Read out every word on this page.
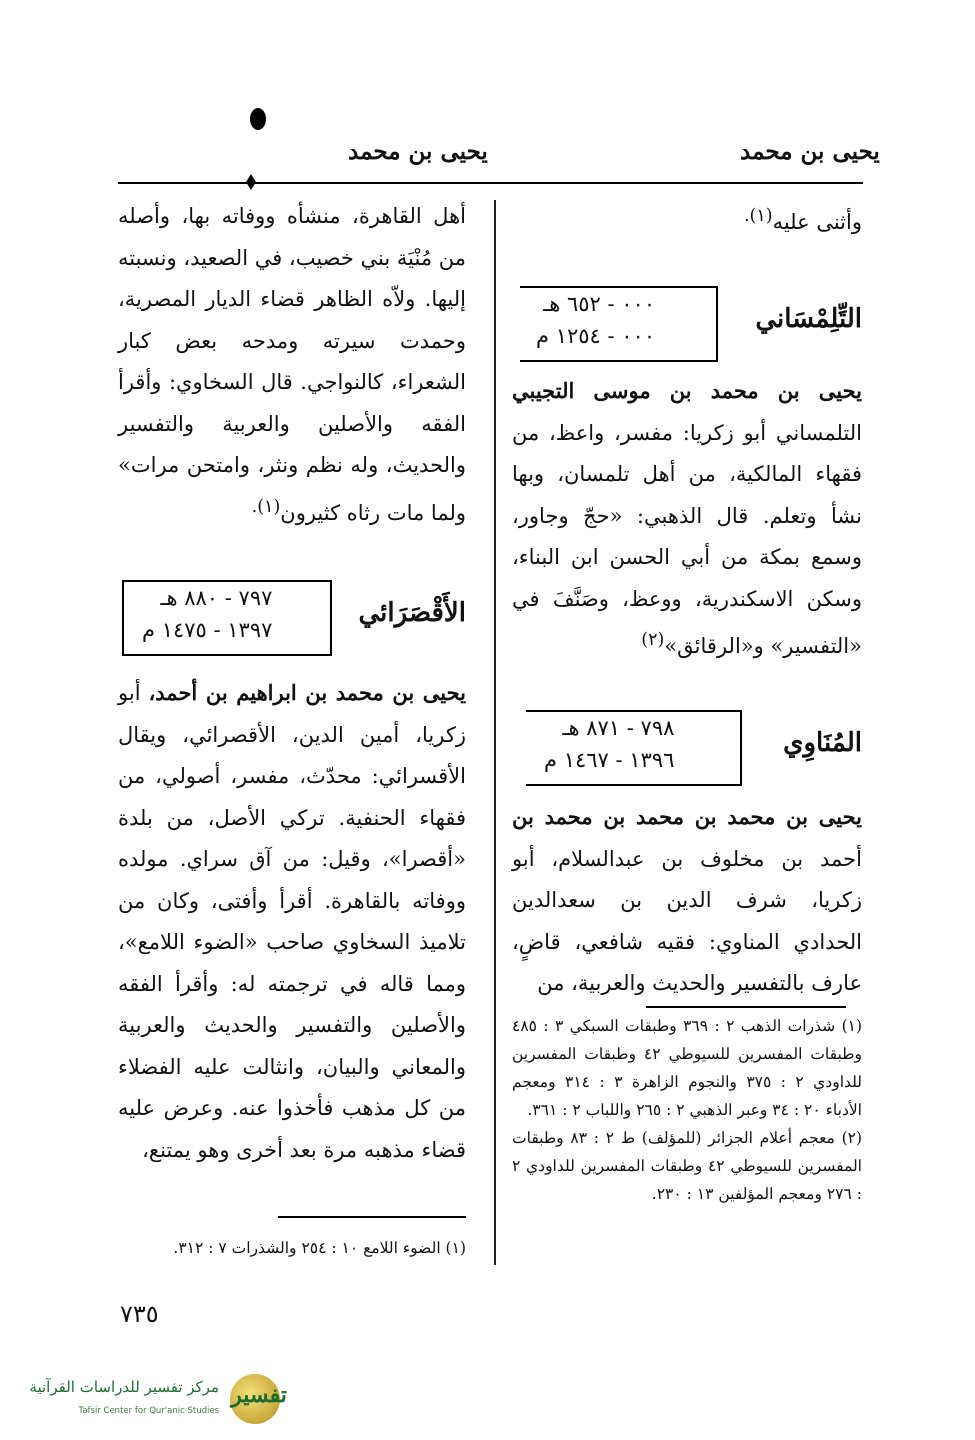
يحيى بن محمد
يحيى بن محمد

وأثنى عليه$^{(١).}$

التِّلِمْسَاني
٠٠٠ - ٦٥٢ هـ
٠٠٠ - ١٢٥٤ م

يحيى بن محمد بن موسى التجيبي التلمساني أبو زكريا: مفسر، واعظ، من فقهاء المالكية، من أهل تلمسان، وبها نشأ وتعلم. قال الذهبي: «حجّ وجاور، وسمع بمكة من أبي الحسن ابن البناء، وسكن الاسكندرية، ووعظ، وصَنَّفَ في «التفسير» و«الرقائق»$^{(٢)}$

المُنَاوِي
٧٩٨ - ٨٧١ هـ
١٣٩٦ - ١٤٦٧ م

يحيى بن محمد بن محمد بن محمد بن أحمد بن مخلوف بن عبدالسلام، أبو زكريا، شرف الدين بن سعدالدين الحدادي المناوي: فقيه شافعي، قاضٍ، عارف بالتفسير والحديث والعربية، من

(١) شذرات الذهب ٢ : ٣٦٩ وطبقات السبكي ٣ : ٤٨٥ وطبقات المفسرين للسيوطي ٤٢ وطبقات المفسرين للداودي ٢ : ٣٧٥ والنجوم الزاهرة ٣ : ٣١٤ ومعجم الأدباء ٢٠ : ٣٤ وعبر الذهبي ٢ : ٢٦٥ واللباب ٢ : ٣٦١.

(٢) معجم أعلام الجزائر (للمؤلف) ط ٢ : ٨٣ وطبقات المفسرين للسيوطي ٤٢ وطبقات المفسرين للداودي ٢ : ٢٧٦ ومعجم المؤلفين ١٣ : ٢٣٠.

أهل القاهرة، منشأه ووفاته بها، وأصله من مُنْيَة بني خصيب، في الصعيد، ونسبته إليها. ولاّه الظاهر قضاء الديار المصرية، وحمدت سيرته ومدحه بعض كبار الشعراء، كالنواجي. قال السخاوي: وأقرأ الفقه والأصلين والعربية والتفسير والحديث، وله نظم ونثر، وامتحن مرات» ولما مات رثاه كثيرون$^{(١).}$

الأَقْصَرَائي
٧٩٧ - ٨٨٠ هـ
١٣٩٧ - ١٤٧٥ م

يحيى بن محمد بن ابراهيم بن أحمد، أبو زكريا، أمين الدين، الأقصرائي، ويقال الأقسرائي: محدّث، مفسر، أصولي، من فقهاء الحنفية. تركي الأصل، من بلدة «أقصرا»، وقيل: من آق سراي. مولده ووفاته بالقاهرة. أقرأ وأفتى، وكان من تلاميذ السخاوي صاحب «الضوء اللامع»، ومما قاله في ترجمته له: وأقرأ الفقه والأصلين والتفسير والحديث والعربية والمعاني والبيان، وانثالت عليه الفضلاء من كل مذهب فأخذوا عنه. وعرض عليه قضاء مذهبه مرة بعد أخرى وهو يمتنع،

(١) الضوء اللامع ١٠ : ٢٥٤ والشذرات ٧ : ٣١٢.

٧٣٥
تفسير
مركز تفسير للدراسات القرآنية
Tafsir Center for Qur'anic Studies
